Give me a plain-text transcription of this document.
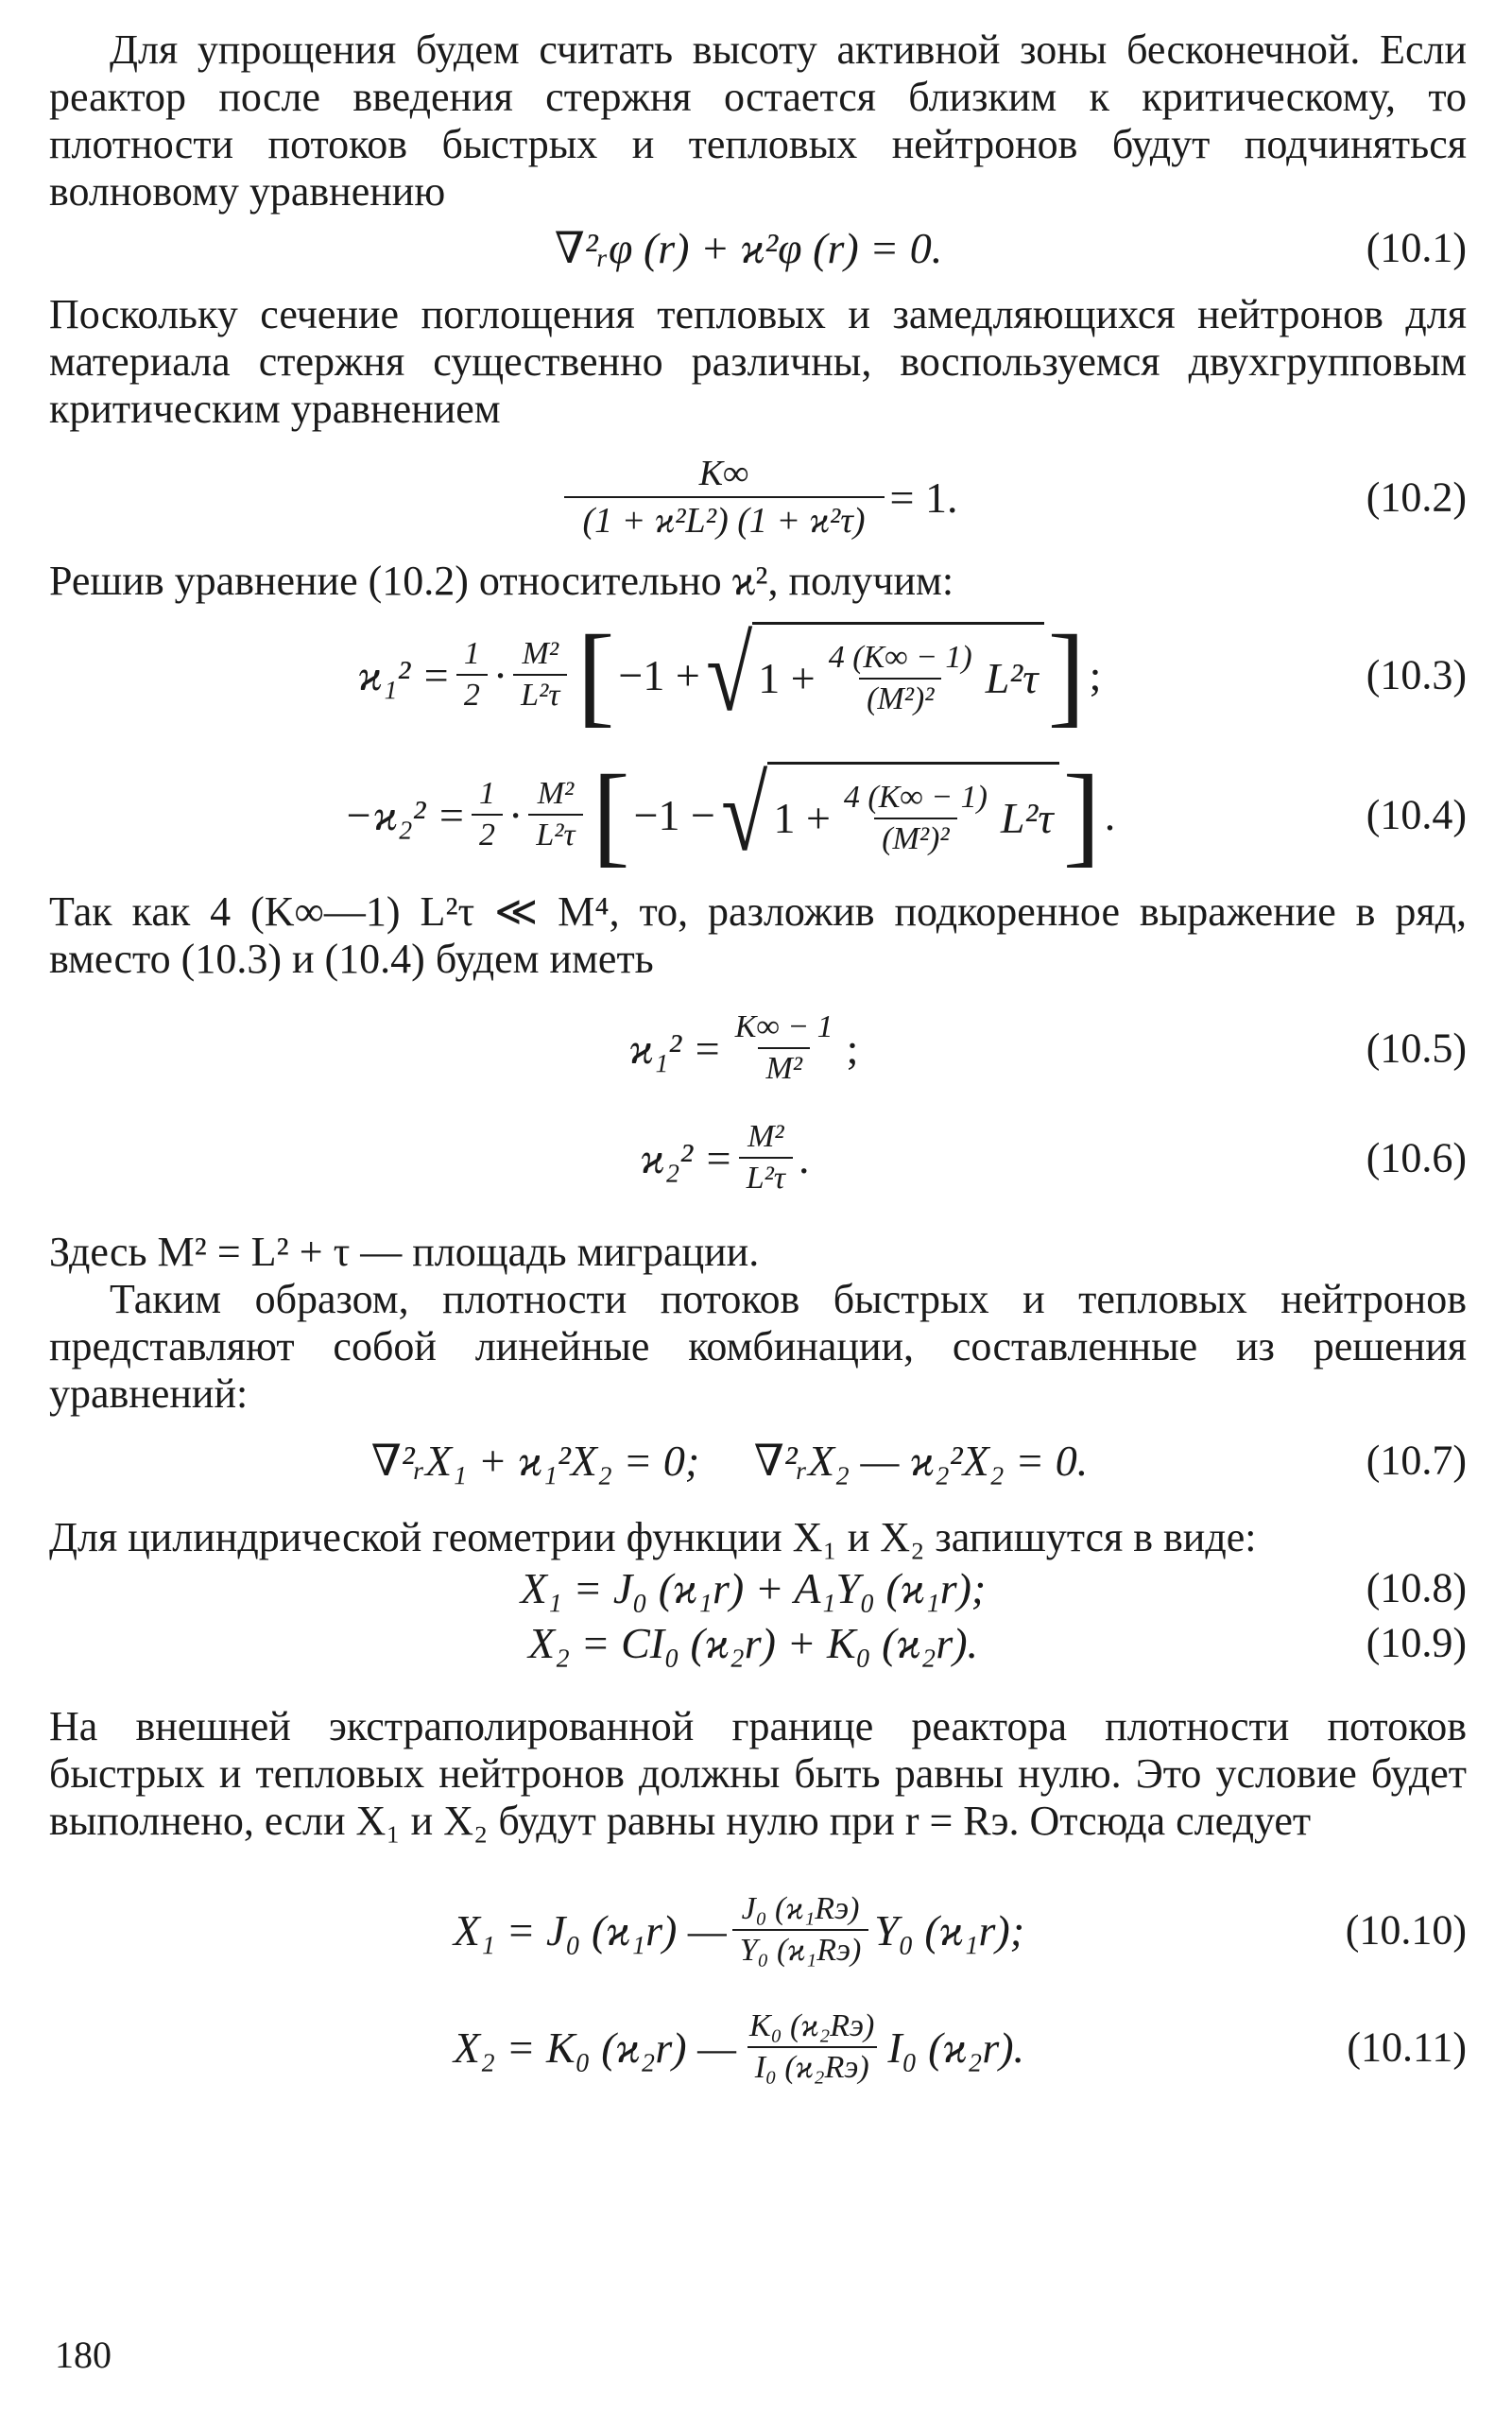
Для упрощения будем считать высоту активной зоны бесконечной. Если реактор после введения стержня остается близким к критическому, то плотности потоков быстрых и тепловых нейтронов будут подчиняться волновому уравнению

∇²ᵣφ (r) + ϰ²φ (r) = 0.	(10.1)

Поскольку сечение поглощения тепловых и замедляющихся нейтронов для материала стержня существенно различны, воспользуемся двухгрупповым критическим уравнением

$\frac{K\infty}{\text{(1 + ϰ²L²) (1 + ϰ²τ)}} = 1$.	(10.2)

Решив уравнение (10.2) относительно ϰ², получим:

$ϰ_1^2 = \frac{1}{2} \cdot \frac{\text{M²}}{\text{L²τ}}$ [ −1 + √ $1 + \frac{4 (K\infty - 1)}{\text{(M²)²}} L^2\tau$ ] ;	(10.3)
$-ϰ_2^2 = \frac{1}{2} \cdot \frac{\text{M²}}{\text{L²τ}}$ [ −1 − √ $1 + \frac{4 (K\infty - 1)}{\text{(M²)²}} L^2\tau$ ] .	(10.4)

Так как 4 (K∞—1) L²τ ≪ M⁴, то, разложив подкоренное выражение в ряд, вместо (10.3) и (10.4) будем иметь

$ϰ_1^2 = \frac{K\infty - 1}{\text{M²}}$ ;	(10.5)
$ϰ_2^2 = \frac{\text{M²}}{\text{L²τ}}$ .	(10.6)

Здесь M² = L² + τ — площадь миграции.

Таким образом, плотности потоков быстрых и тепловых нейтронов представляют собой линейные комбинации, составленные из решения уравнений:

∇²ᵣX₁ + ϰ₁²X₂ = 0;     ∇²ᵣX₂ — ϰ₂²X₂ = 0.	(10.7)

Для цилиндрической геометрии функции X₁ и X₂ запишутся в виде:

X₁ = J₀ (ϰ₁r) + A₁Y₀ (ϰ₁r);	(10.8)
X₂ = CI₀ (ϰ₂r) + K₀ (ϰ₂r).	(10.9)

На внешней экстраполированной границе реактора плотности потоков быстрых и тепловых нейтронов должны быть равны нулю. Это условие будет выполнено, если X₁ и X₂ будут равны нулю при r = Rэ. Отсюда следует

X₁ = J₀ (ϰ₁r) — $\frac{\text{J₀ (ϰ₁Rэ)}}{\text{Y₀ (ϰ₁Rэ)}} Y_0$ (ϰ₁r);	(10.10)
X₂ = K₀ (ϰ₂r) — $\frac{\text{K₀ (ϰ₂Rэ)}}{\text{I₀ (ϰ₂Rэ)}} I_0$ (ϰ₂r).	(10.11)
180
